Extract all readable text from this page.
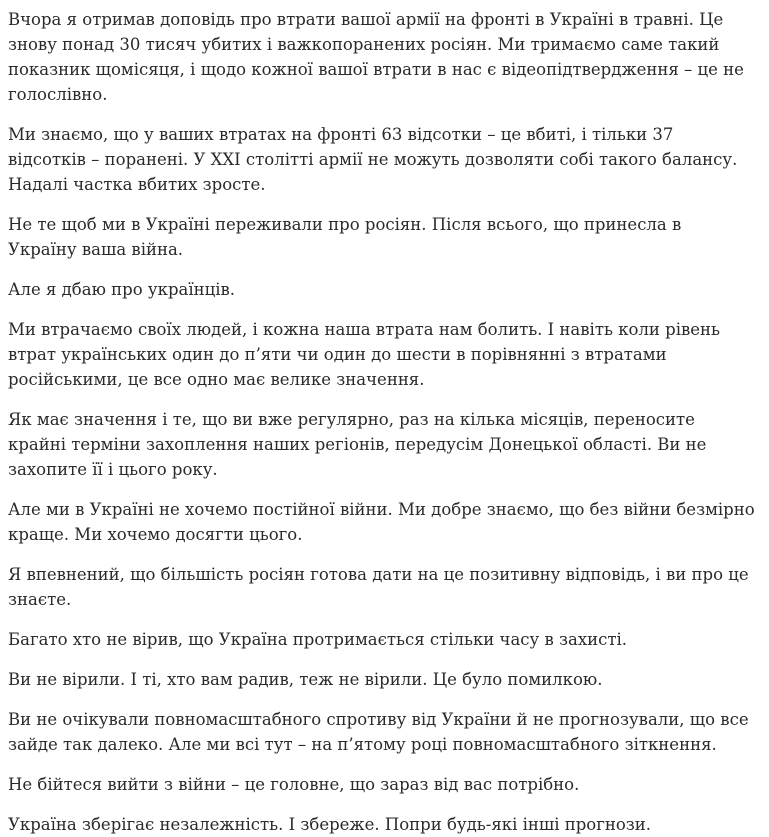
Вчора я отримав доповідь про втрати вашої армії на фронті в Україні в травні. Це знову понад 30 тисяч убитих і важкопоранених росіян. Ми тримаємо саме такий показник щомісяця, і щодо кожної вашої втрати в нас є відеопідтвердження – це не голослівно.

Ми знаємо, що у ваших втратах на фронті 63 відсотки – це вбиті, і тільки 37 відсотків – поранені. У XXI столітті армії не можуть дозволяти собі такого балансу. Надалі частка вбитих зросте.

Не те щоб ми в Україні переживали про росіян. Після всього, що принесла в Україну ваша війна.

Але я дбаю про українців.

Ми втрачаємо своїх людей, і кожна наша втрата нам болить. І навіть коли рівень втрат українських один до п’яти чи один до шести в порівнянні з втратами російськими, це все одно має велике значення.

Як має значення і те, що ви вже регулярно, раз на кілька місяців, переносите крайні терміни захоплення наших регіонів, передусім Донецької області. Ви не захопите її і цього року.

Але ми в Україні не хочемо постійної війни. Ми добре знаємо, що без війни безмірно краще. Ми хочемо досягти цього.

Я впевнений, що більшість росіян готова дати на це позитивну відповідь, і ви про це знаєте.

Багато хто не вірив, що Україна протримається стільки часу в захисті.

Ви не вірили. І ті, хто вам радив, теж не вірили. Це було помилкою.

Ви не очікували повномасштабного спротиву від України й не прогнозували, що все зайде так далеко. Але ми всі тут – на п’ятому році повномасштабного зіткнення.

Не бійтеся вийти з війни – це головне, що зараз від вас потрібно.

Україна зберігає незалежність. І збереже. Попри будь-які інші прогнози.
